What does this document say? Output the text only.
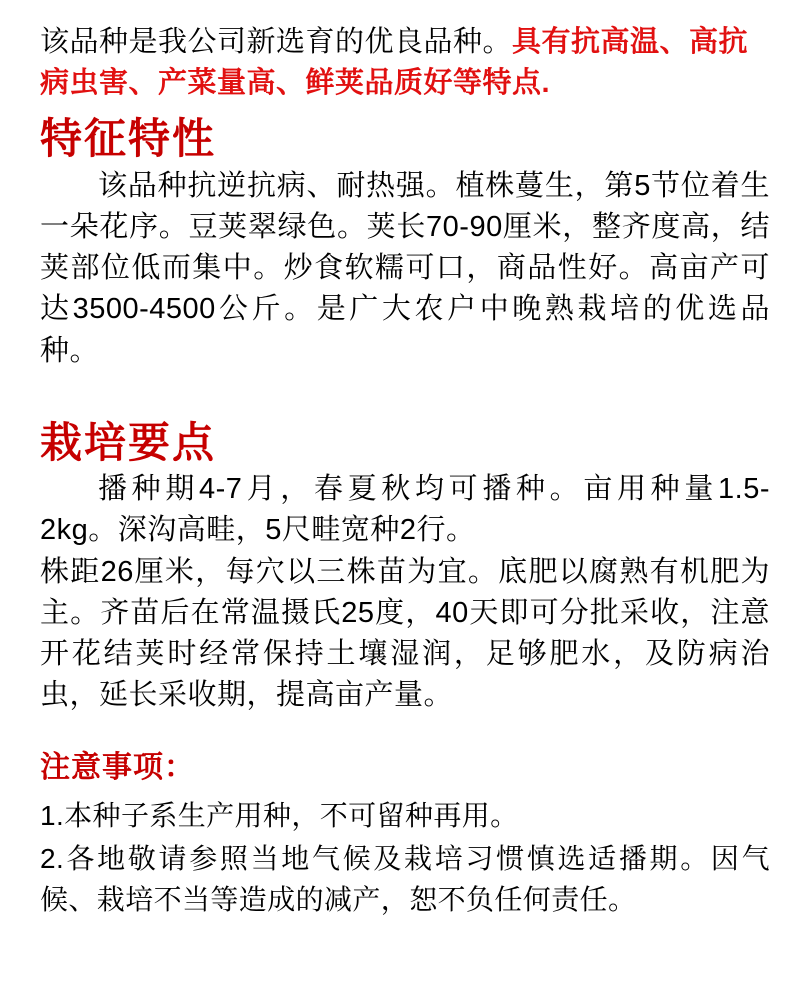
该品种是我公司新选育的优良品种。具有抗高温、高抗病虫害、产菜量高、鲜荚品质好等特点.

特征特性

该品种抗逆抗病、耐热强。植株蔓生，第5节位着生一朵花序。豆荚翠绿色。荚长70-90厘米，整齐度高，结荚部位低而集中。炒食软糯可口，商品性好。高亩产可达3500-4500公斤。是广大农户中晚熟栽培的优选品种。

栽培要点

播种期4-7月，春夏秋均可播种。亩用种量1.5-2kg。深沟高畦，5尺畦宽种2行。

株距26厘米，每穴以三株苗为宜。底肥以腐熟有机肥为主。齐苗后在常温摄氏25度，40天即可分批采收，注意开花结荚时经常保持土壤湿润，足够肥水，及防病治虫，延长采收期，提高亩产量。

注意事项：

1.本种子系生产用种，不可留种再用。

2.各地敬请参照当地气候及栽培习惯慎选适播期。因气候、栽培不当等造成的减产，恕不负任何责任。
